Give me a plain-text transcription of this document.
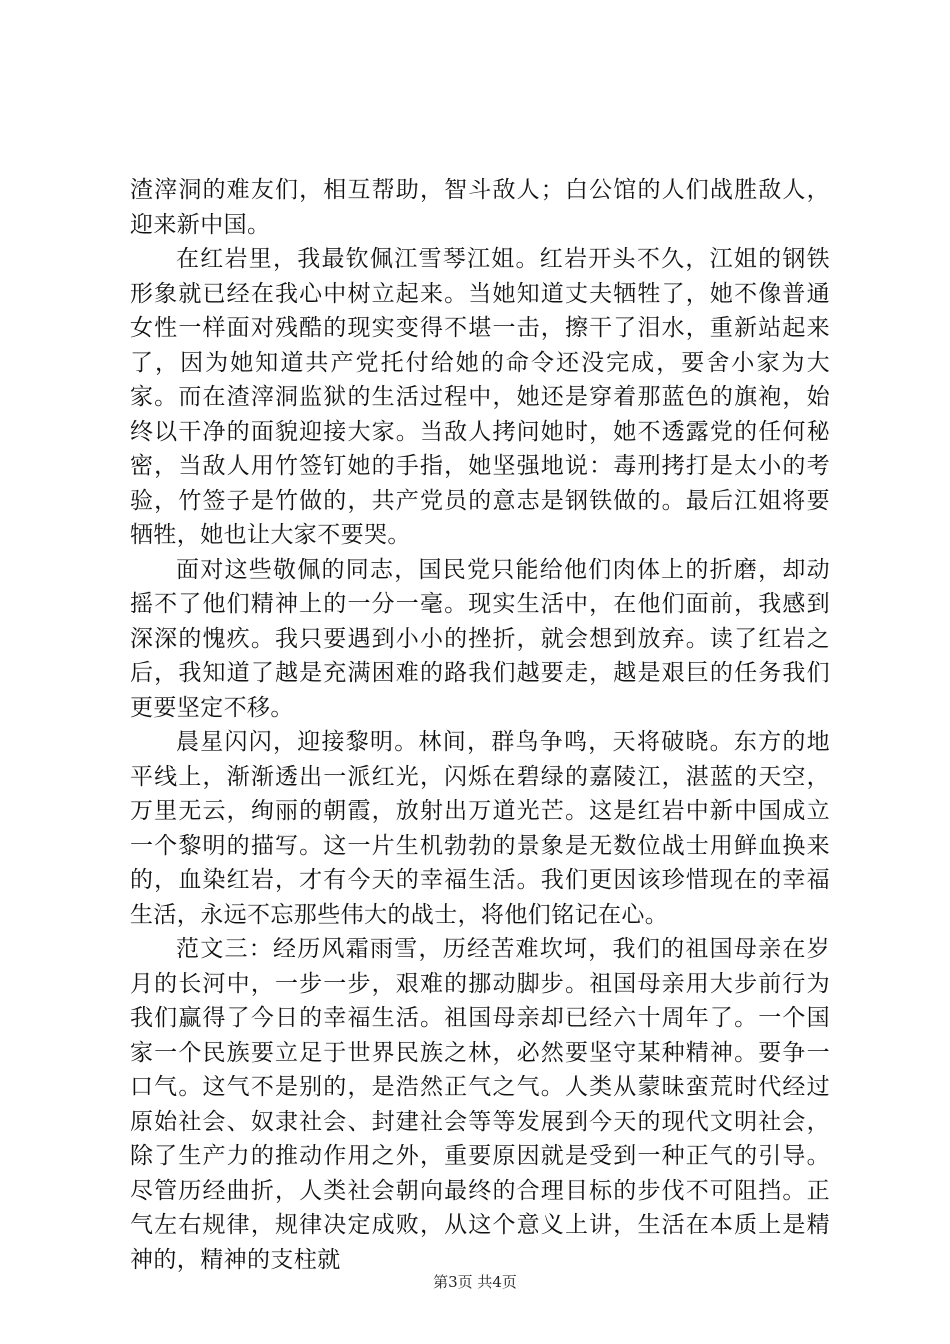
渣滓洞的难友们，相互帮助，智斗敌人；白公馆的人们战胜敌人，迎来新中国。

在红岩里，我最钦佩江雪琴江姐。红岩开头不久，江姐的钢铁形象就已经在我心中树立起来。当她知道丈夫牺牲了，她不像普通女性一样面对残酷的现实变得不堪一击，擦干了泪水，重新站起来了，因为她知道共产党托付给她的命令还没完成，要舍小家为大家。而在渣滓洞监狱的生活过程中，她还是穿着那蓝色的旗袍，始终以干净的面貌迎接大家。当敌人拷问她时，她不透露党的任何秘密，当敌人用竹签钉她的手指，她坚强地说：毒刑拷打是太小的考验，竹签子是竹做的，共产党员的意志是钢铁做的。最后江姐将要牺牲，她也让大家不要哭。

面对这些敬佩的同志，国民党只能给他们肉体上的折磨，却动摇不了他们精神上的一分一毫。现实生活中，在他们面前，我感到深深的愧疚。我只要遇到小小的挫折，就会想到放弃。读了红岩之后，我知道了越是充满困难的路我们越要走，越是艰巨的任务我们更要坚定不移。

晨星闪闪，迎接黎明。林间，群鸟争鸣，天将破晓。东方的地平线上，渐渐透出一派红光，闪烁在碧绿的嘉陵江，湛蓝的天空，万里无云，绚丽的朝霞，放射出万道光芒。这是红岩中新中国成立一个黎明的描写。这一片生机勃勃的景象是无数位战士用鲜血换来的，血染红岩，才有今天的幸福生活。我们更因该珍惜现在的幸福生活，永远不忘那些伟大的战士，将他们铭记在心。

范文三：经历风霜雨雪，历经苦难坎坷，我们的祖国母亲在岁月的长河中，一步一步，艰难的挪动脚步。祖国母亲用大步前行为我们赢得了今日的幸福生活。祖国母亲却已经六十周年了。一个国家一个民族要立足于世界民族之林，必然要坚守某种精神。要争一口气。这气不是别的，是浩然正气之气。人类从蒙昧蛮荒时代经过原始社会、奴隶社会、封建社会等等发展到今天的现代文明社会，除了生产力的推动作用之外，重要原因就是受到一种正气的引导。尽管历经曲折，人类社会朝向最终的合理目标的步伐不可阻挡。正气左右规律，规律决定成败，从这个意义上讲，生活在本质上是精神的，精神的支柱就

第3页 共4页
